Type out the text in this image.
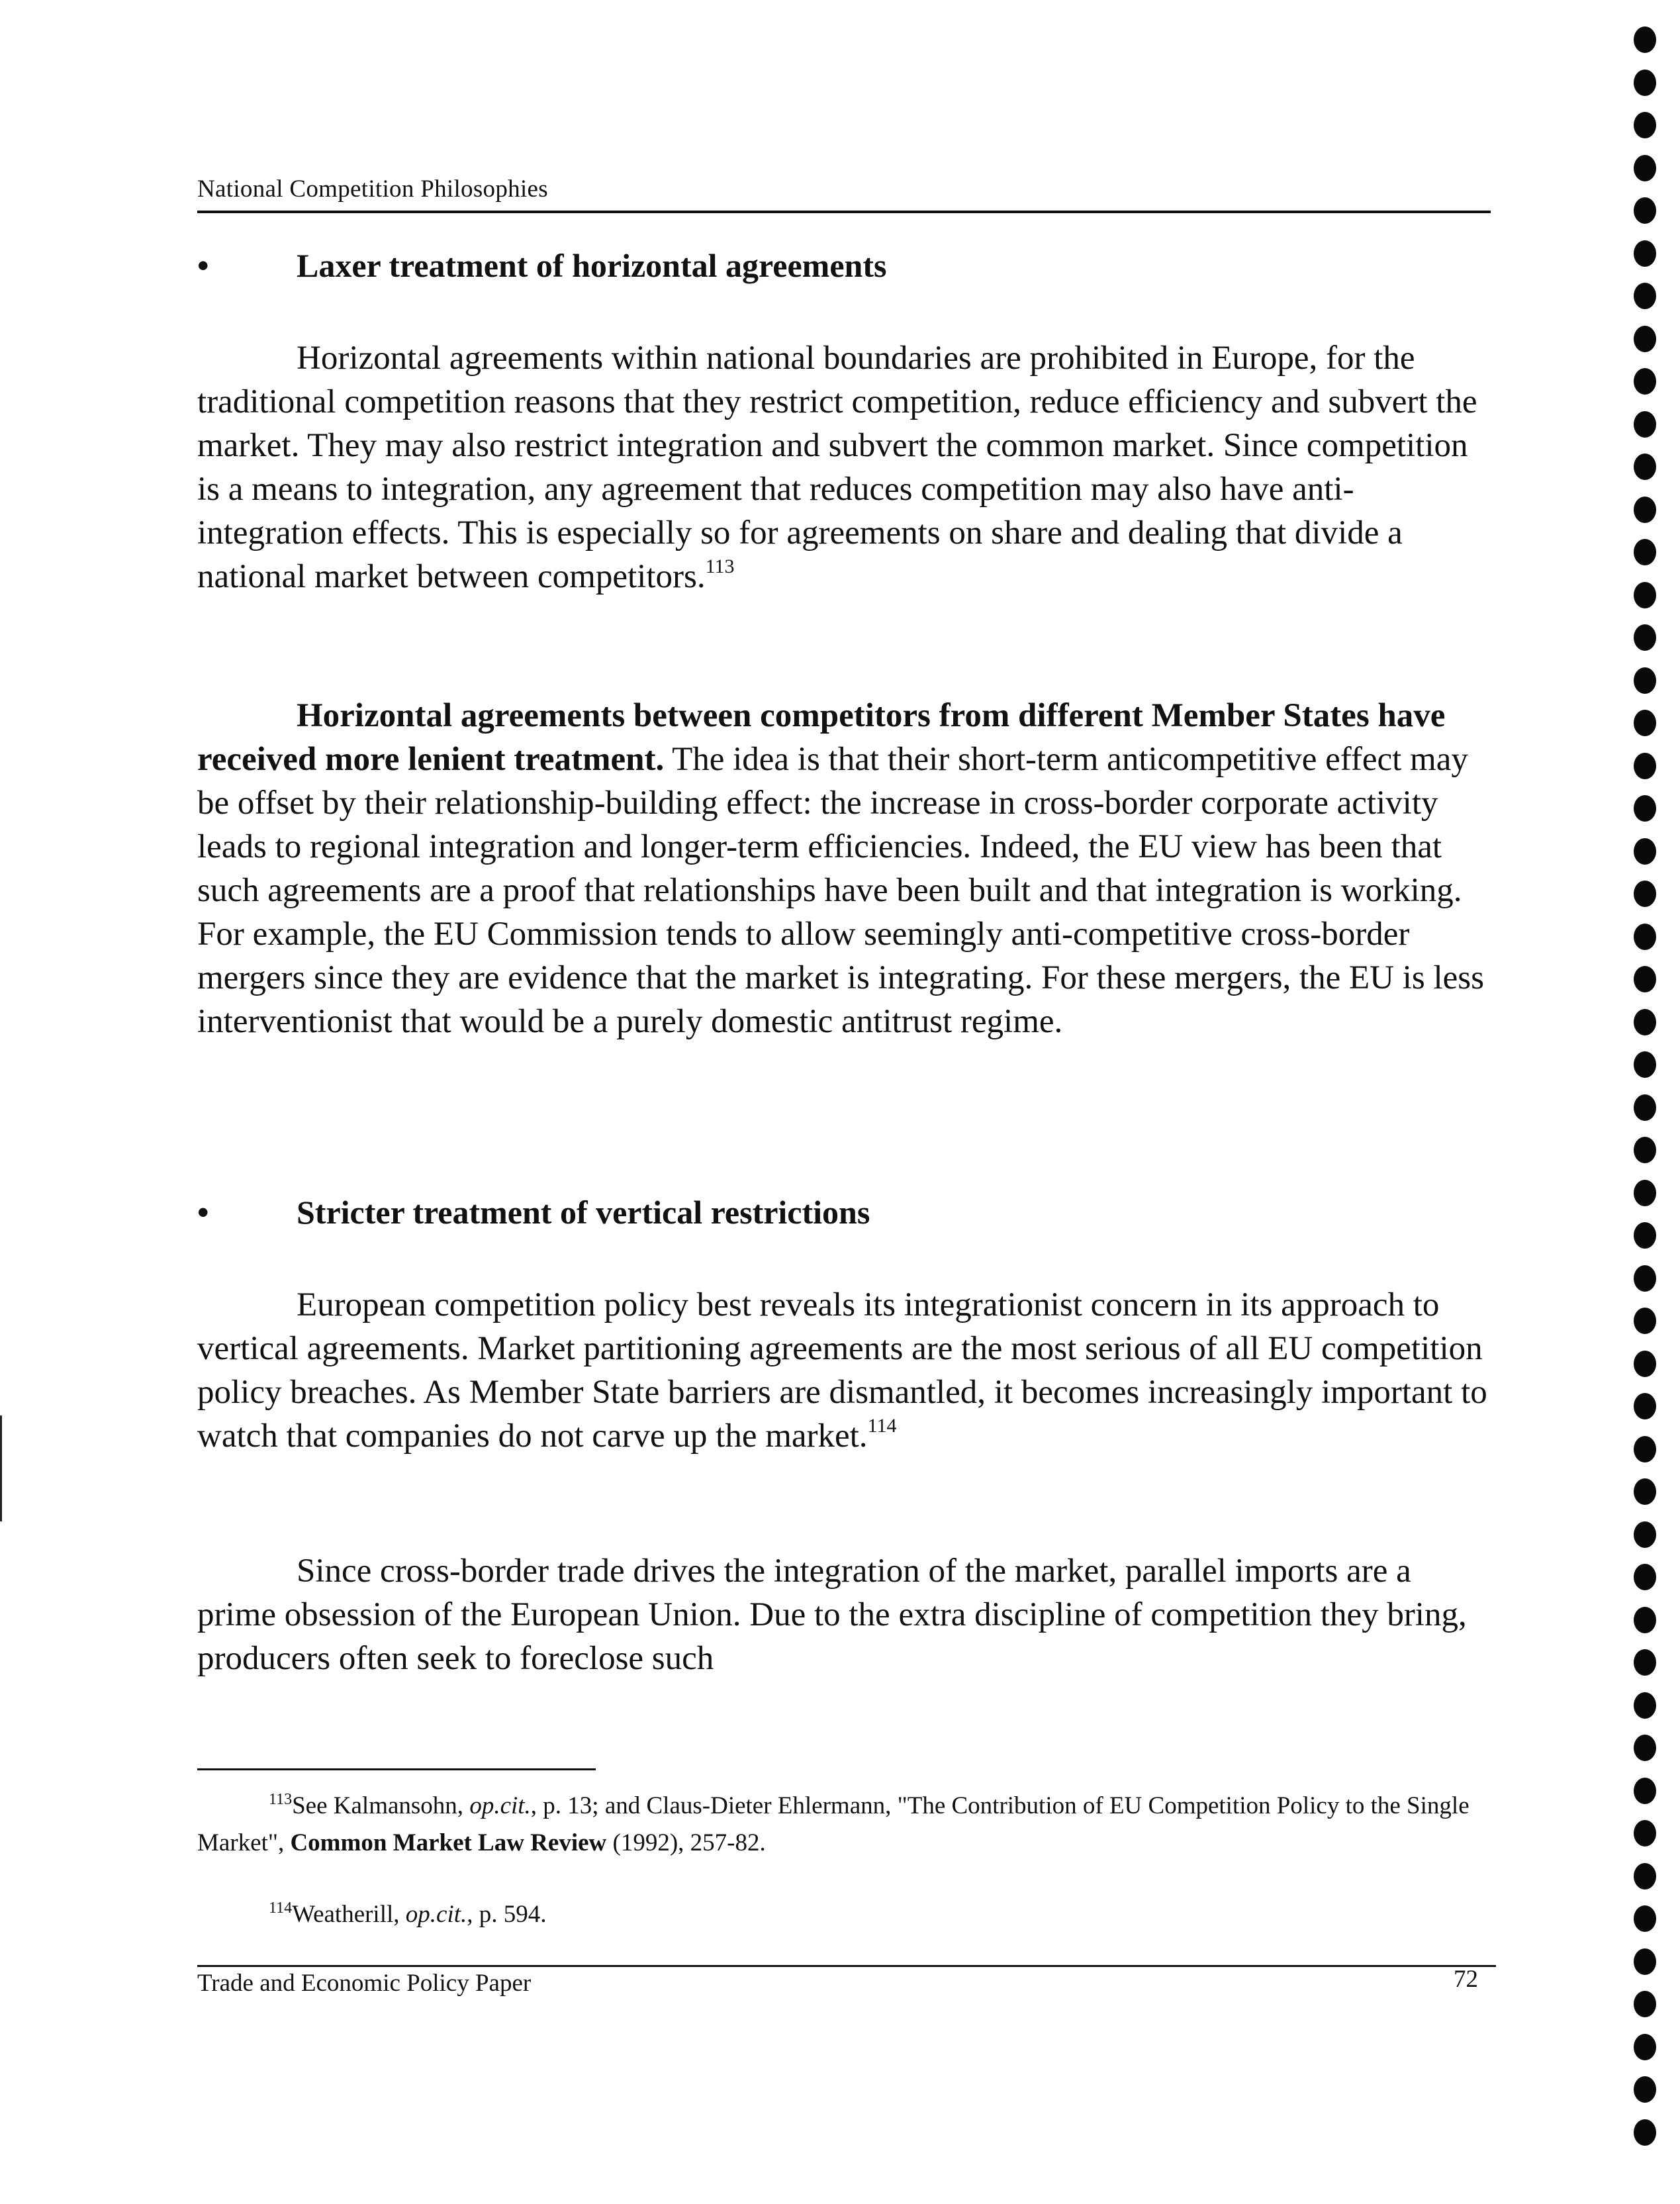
National Competition Philosophies
•	Laxer treatment of horizontal agreements

Horizontal agreements within national boundaries are prohibited in Europe, for the traditional competition reasons that they restrict competition, reduce efficiency and subvert the market. They may also restrict integration and subvert the common market. Since competition is a means to integration, any agreement that reduces competition may also have anti-integration effects. This is especially so for agreements on share and dealing that divide a national market between competitors.$^{113}$

Horizontal agreements between competitors from different Member States have received more lenient treatment. The idea is that their short-term anticompetitive effect may be offset by their relationship-building effect: the increase in cross-border corporate activity leads to regional integration and longer-term efficiencies. Indeed, the EU view has been that such agreements are a proof that relationships have been built and that integration is working. For example, the EU Commission tends to allow seemingly anti-competitive cross-border mergers since they are evidence that the market is integrating. For these mergers, the EU is less interventionist that would be a purely domestic antitrust regime.

•	Stricter treatment of vertical restrictions

European competition policy best reveals its integrationist concern in its approach to vertical agreements. Market partitioning agreements are the most serious of all EU competition policy breaches. As Member State barriers are dismantled, it becomes increasingly important to watch that companies do not carve up the market.$^{114}$

Since cross-border trade drives the integration of the market, parallel imports are a prime obsession of the European Union. Due to the extra discipline of competition they bring, producers often seek to foreclose such

$^{113}$See Kalmansohn, op.cit., p. 13; and Claus-Dieter Ehlermann, "The Contribution of EU Competition Policy to the Single Market", Common Market Law Review (1992), 257-82.

$^{114}$Weatherill, op.cit., p. 594.

Trade and Economic Policy Paper	72
